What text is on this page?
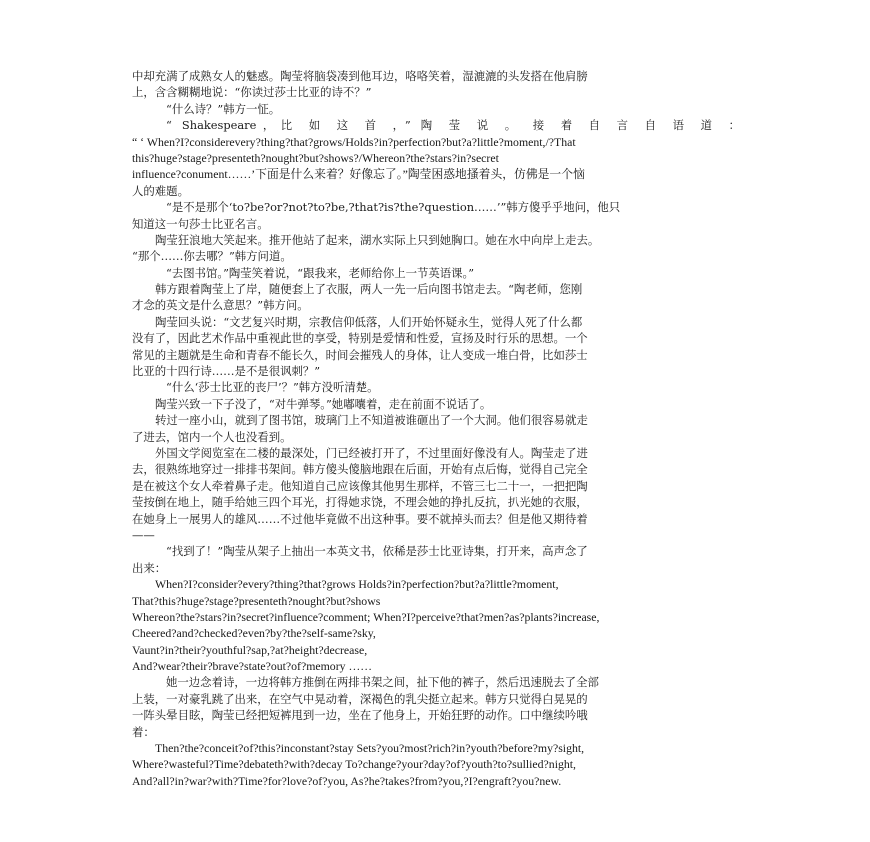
中却充满了成熟女人的魅惑。陶莹将脑袋凑到他耳边，咯咯笑着，湿漉漉的头发搭在他肩膀

上，含含糊糊地说：“你读过莎士比亚的诗不？”

“什么诗？”韩方一怔。

“ Shakespeare，比 如 这 首 ，” 陶 莹 说 。 接 着 自 言 自 语 道 ：

“ ‘ When?I?considerevery?thing?that?grows/Holds?in?perfection?but?a?little?moment,/?That

this?huge?stage?presenteth?nought?but?shows?/Whereon?the?stars?in?secret

influence?conument……’下面是什么来着？好像忘了。”陶莹困惑地搔着头，仿佛是一个恼

人的难题。

“是不是那个‘to?be?or?not?to?be,?that?is?the?question……’”韩方傻乎乎地问，他只

知道这一句莎士比亚名言。

陶莹狂浪地大笑起来。推开他站了起来，湖水实际上只到她胸口。她在水中向岸上走去。

“那个……你去哪？”韩方问道。

“去图书馆。”陶莹笑着说，“跟我来，老师给你上一节英语课。”

韩方跟着陶莹上了岸，随便套上了衣服，两人一先一后向图书馆走去。“陶老师，您刚

才念的英文是什么意思？”韩方问。

陶莹回头说：“文艺复兴时期，宗教信仰低落，人们开始怀疑永生，觉得人死了什么都

没有了，因此艺术作品中重视此世的享受，特别是爱情和性爱，宣扬及时行乐的思想。一个

常见的主题就是生命和青春不能长久，时间会摧残人的身体，让人变成一堆白骨，比如莎士

比亚的十四行诗……是不是很讽刺？”

“什么‘莎士比亚的丧尸’？”韩方没听清楚。

陶莹兴致一下子没了，“对牛弹琴。”她嘟囔着，走在前面不说话了。

转过一座小山，就到了图书馆，玻璃门上不知道被谁砸出了一个大洞。他们很容易就走

了进去，馆内一个人也没看到。

外国文学阅览室在二楼的最深处，门已经被打开了，不过里面好像没有人。陶莹走了进

去，很熟练地穿过一排排书架间。韩方傻头傻脑地跟在后面，开始有点后悔，觉得自己完全

是在被这个女人牵着鼻子走。他知道自己应该像其他男生那样，不管三七二十一，一把把陶

莹按倒在地上，随手给她三四个耳光，打得她求饶，不理会她的挣扎反抗，扒光她的衣服，

在她身上一展男人的雄风……不过他毕竟做不出这种事。要不就掉头而去？但是他又期待着

——

“找到了！”陶莹从架子上抽出一本英文书，依稀是莎士比亚诗集，打开来，高声念了

出来：

When?I?consider?every?thing?that?grows Holds?in?perfection?but?a?little?moment,

That?this?huge?stage?presenteth?nought?but?shows

Whereon?the?stars?in?secret?influence?comment; When?I?perceive?that?men?as?plants?increase,

Cheered?and?checked?even?by?the?self-same?sky,

Vaunt?in?their?youthful?sap,?at?height?decrease,

And?wear?their?brave?state?out?of?memory ……

她一边念着诗，一边将韩方推倒在两排书架之间，扯下他的裤子，然后迅速脱去了全部

上装，一对豪乳跳了出来，在空气中晃动着，深褐色的乳尖挺立起来。韩方只觉得白晃晃的

一阵头晕目眩，陶莹已经把短裤甩到一边，坐在了他身上，开始狂野的动作。口中继续吟哦

着：

Then?the?conceit?of?this?inconstant?stay Sets?you?most?rich?in?youth?before?my?sight,

Where?wasteful?Time?debateth?with?decay To?change?your?day?of?youth?to?sullied?night,

And?all?in?war?with?Time?for?love?of?you, As?he?takes?from?you,?I?engraft?you?new.
